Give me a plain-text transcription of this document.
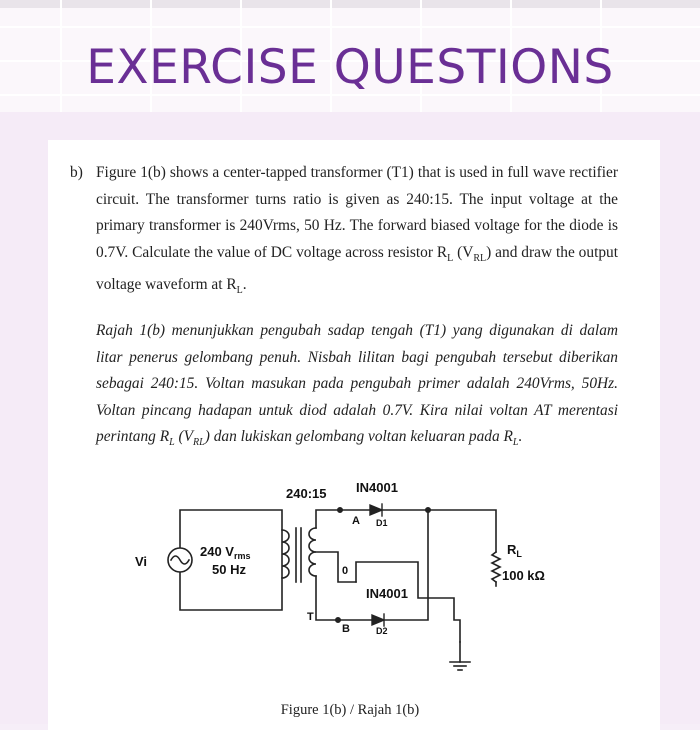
EXERCISE QUESTIONS
b) Figure 1(b) shows a center-tapped transformer (T1) that is used in full wave rectifier circuit. The transformer turns ratio is given as 240:15. The input voltage at the primary transformer is 240Vrms, 50 Hz. The forward biased voltage for the diode is 0.7V. Calculate the value of DC voltage across resistor $R_L$ $(V_{RL})$ and draw the output voltage waveform at $R_L$.
Rajah 1(b) menunjukkan pengubah sadap tengah (T1) yang digunakan di dalam litar penerus gelombang penuh. Nisbah lilitan bagi pengubah tersebut diberikan sebagai 240:15. Voltan masukan pada pengubah primer adalah 240Vrms, 50Hz. Voltan pincang hadapan untuk diod adalah 0.7V. Kira nilai voltan AT merentasi perintang $R_L$ $(V_{RL})$ dan lukiskan gelombang voltan keluaran pada $R_L$.
240:15 IN4001
IN4001
Vi
240 $V_{rms}$
50 Hz
$R_L$
100 kΩ
A D1
B	D2
T
0
Figure 1(b) / Rajah 1(b)
